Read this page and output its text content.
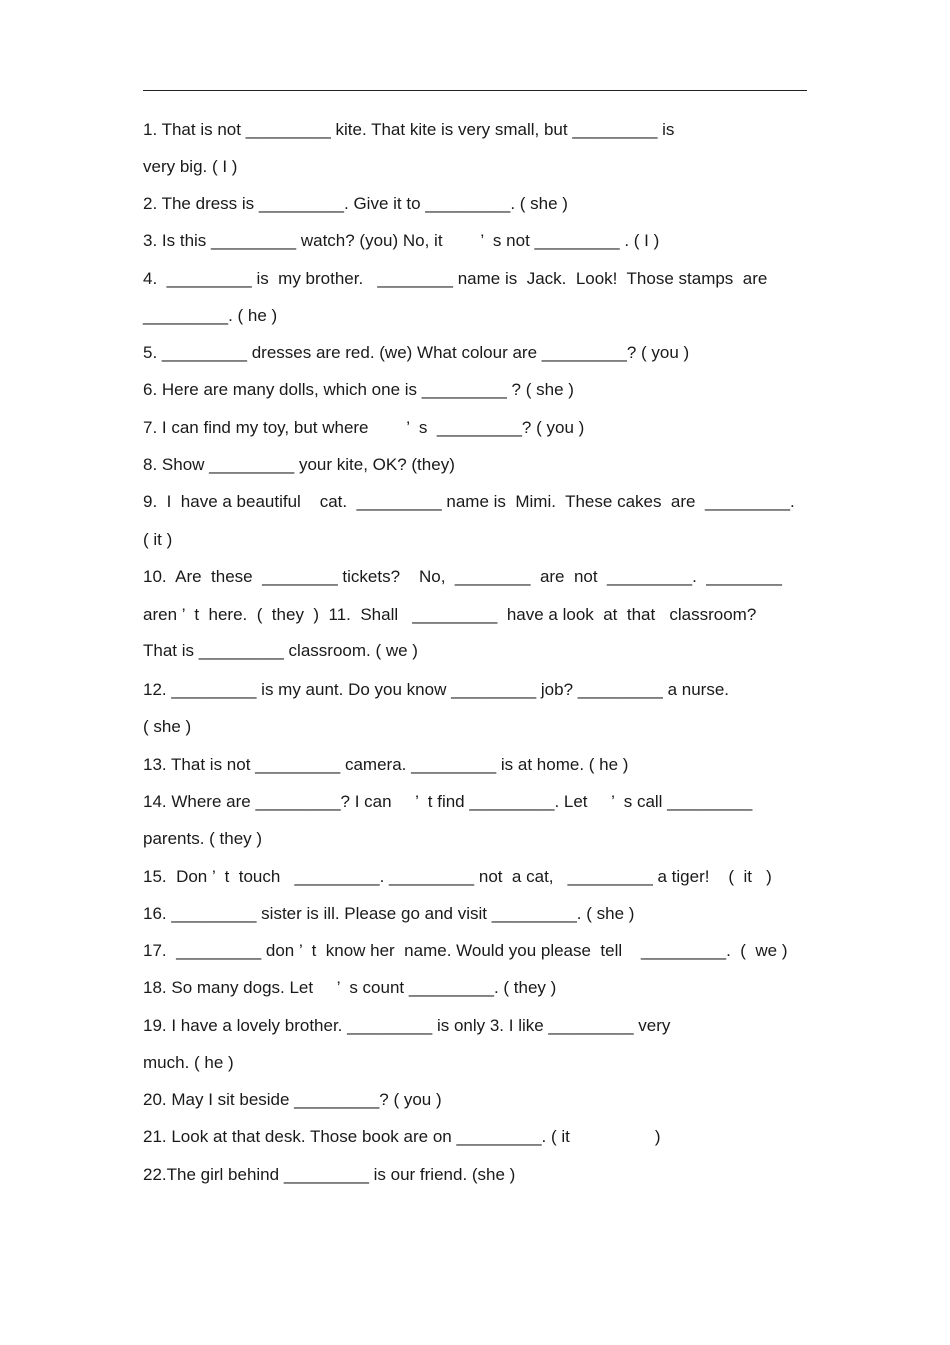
1. That is not _________ kite. That kite is very small, but _________ is
very big. ( I )
2. The dress is _________. Give it to _________. ( she )
3. Is this _________ watch? (you) No, it        ’  s not _________ . ( I )
4.  _________ is  my brother.   ________ name is  Jack.  Look!  Those stamps  are
_________. ( he )
5. _________ dresses are red. (we) What colour are _________? ( you )
6. Here are many dolls, which one is _________ ? ( she )
7. I can find my toy, but where        ’  s  _________? ( you )
8. Show _________ your kite, OK? (they)
9.  I  have a beautiful    cat.  _________ name is  Mimi.  These cakes  are  _________.
( it )
10.  Are  these  ________ tickets?    No,  ________  are  not  _________.  ________
aren ’  t  here.  (  they  )  11.  Shall   _________  have a look  at  that   classroom?
That is _________ classroom. ( we )
12. _________ is my aunt. Do you know _________ job? _________ a nurse.
( she )
13. That is not _________ camera. _________ is at home. ( he )
14. Where are _________? I can     ’  t find _________. Let     ’  s call _________
parents. ( they )
15.  Don ’  t  touch   _________. _________ not  a cat,   _________ a tiger!    (  it   )
16. _________ sister is ill. Please go and visit _________. ( she )
17.  _________ don ’  t  know her  name. Would you please  tell    _________.  (  we )
18. So many dogs. Let     ’  s count _________. ( they )
19. I have a lovely brother. _________ is only 3. I like _________ very
much. ( he )
20. May I sit beside _________? ( you )
21. Look at that desk. Those book are on _________. ( it                  )
22.The girl behind _________ is our friend. (she )
